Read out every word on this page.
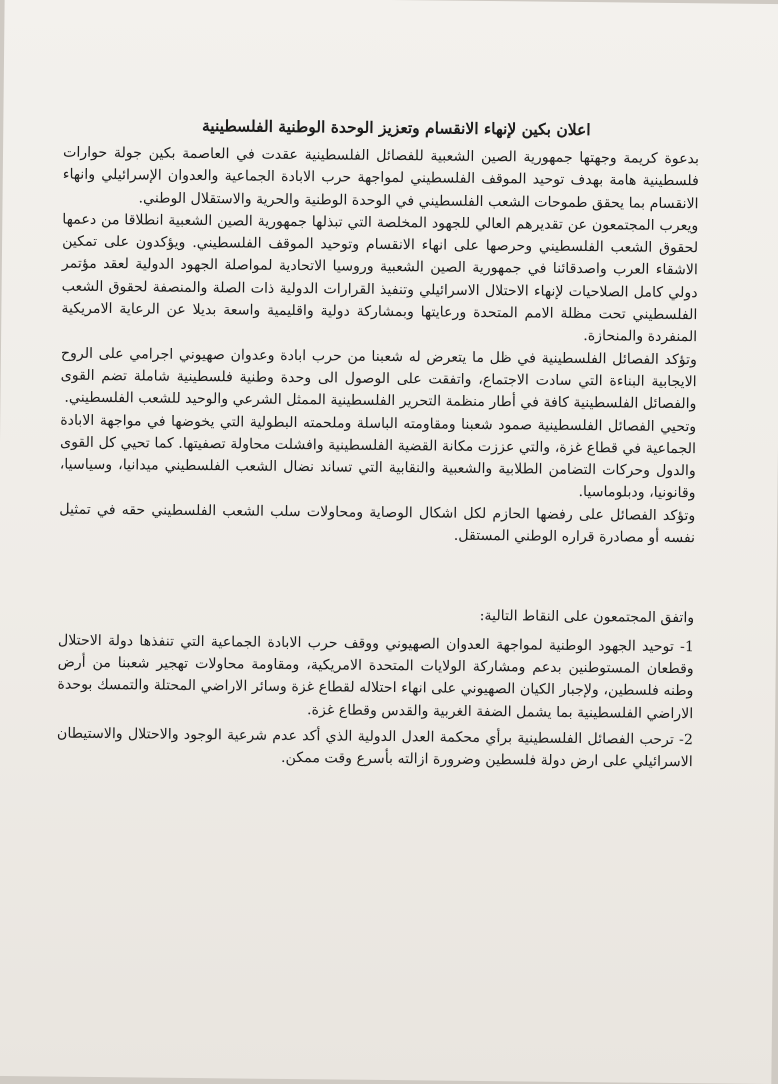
اعلان بكين لإنهاء الانقسام وتعزيز الوحدة الوطنية الفلسطينية

بدعوة كريمة وجهتها جمهورية الصين الشعبية للفصائل الفلسطينية عقدت في العاصمة بكين جولة حوارات فلسطينية هامة بهدف توحيد الموقف الفلسطيني لمواجهة حرب الابادة الجماعية والعدوان الإسرائيلي وانهاء الانقسام بما يحقق طموحات الشعب الفلسطيني في الوحدة الوطنية والحرية والاستقلال الوطني.

ويعرب المجتمعون عن تقديرهم العالي للجهود المخلصة التي تبذلها جمهورية الصين الشعبية انطلاقا من دعمها لحقوق الشعب الفلسطيني وحرصها على انهاء الانقسام وتوحيد الموقف الفلسطيني. ويؤكدون على تمكين الاشقاء العرب واصدقائنا في جمهورية الصين الشعبية وروسيا الاتحادية لمواصلة الجهود الدولية لعقد مؤتمر دولي كامل الصلاحيات لإنهاء الاحتلال الاسرائيلي وتنفيذ القرارات الدولية ذات الصلة والمنصفة لحقوق الشعب الفلسطيني تحت مظلة الامم المتحدة ورعايتها وبمشاركة دولية واقليمية واسعة بديلا عن الرعاية الامريكية المنفردة والمنحازة.

وتؤكد الفصائل الفلسطينية في ظل ما يتعرض له شعبنا من حرب ابادة وعدوان صهيوني اجرامي على الروح الايجابية البناءة التي سادت الاجتماع، واتفقت على الوصول الى وحدة وطنية فلسطينية شاملة تضم القوى والفصائل الفلسطينية كافة في أطار منظمة التحرير الفلسطينية الممثل الشرعي والوحيد للشعب الفلسطيني.

وتحيي الفصائل الفلسطينية صمود شعبنا ومقاومته الباسلة وملحمته البطولية التي يخوضها في مواجهة الابادة الجماعية في قطاع غزة، والتي عززت مكانة القضية الفلسطينية وافشلت محاولة تصفيتها. كما تحيي كل القوى والدول وحركات التضامن الطلابية والشعبية والنقابية التي تساند نضال الشعب الفلسطيني ميدانيا، وسياسيا، وقانونيا، ودبلوماسيا.

وتؤكد الفصائل على رفضها الحازم لكل اشكال الوصاية ومحاولات سلب الشعب الفلسطيني حقه في تمثيل نفسه أو مصادرة قراره الوطني المستقل.

واتفق المجتمعون على النقاط التالية:

1- توحيد الجهود الوطنية لمواجهة العدوان الصهيوني ووقف حرب الابادة الجماعية التي تنفذها دولة الاحتلال وقطعان المستوطنين بدعم ومشاركة الولايات المتحدة الامريكية، ومقاومة محاولات تهجير شعبنا من أرض وطنه فلسطين، ولإجبار الكيان الصهيوني على انهاء احتلاله لقطاع غزة وسائر الاراضي المحتلة والتمسك بوحدة الاراضي الفلسطينية بما يشمل الضفة الغربية والقدس وقطاع غزة.

2- ترحب الفصائل الفلسطينية برأي محكمة العدل الدولية الذي أكد عدم شرعية الوجود والاحتلال والاستيطان الاسرائيلي على ارض دولة فلسطين وضرورة ازالته بأسرع وقت ممكن.
